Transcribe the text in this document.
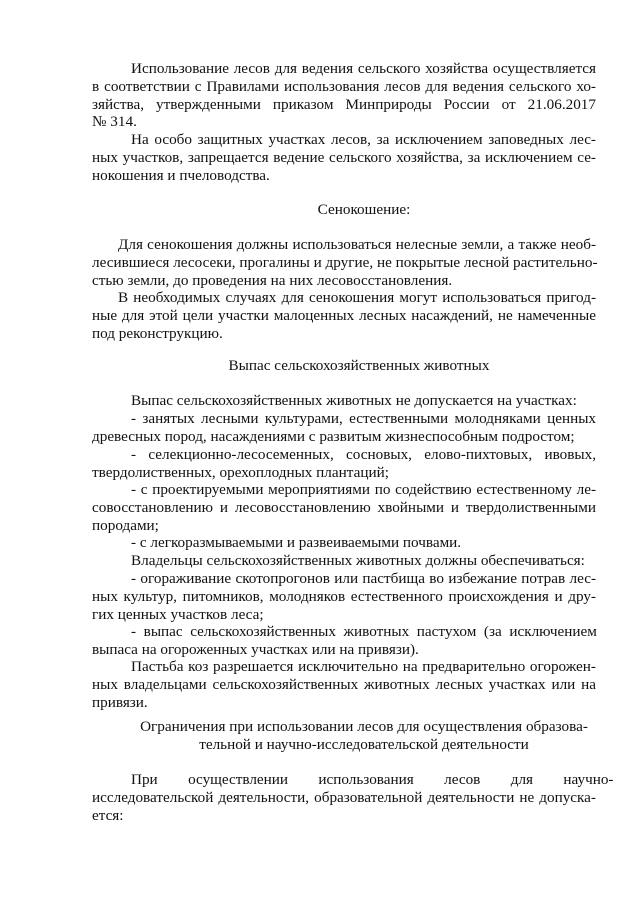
Использование лесов для ведения сельского хозяйства осуществляется
в соответствии с Правилами использования лесов для ведения сельского хо-
зяйства, утвержденными приказом Минприроды России от 21.06.2017
№ 314.
На особо защитных участках лесов, за исключением заповедных лес-
ных участков, запрещается ведение сельского хозяйства, за исключением се-
нокошения и пчеловодства.
Сенокошение:
Для сенокошения должны использоваться нелесные земли, а также необ-
лесившиеся лесосеки, прогалины и другие, не покрытые лесной растительно-
стью земли, до проведения на них лесовосстановления.
В необходимых случаях для сенокошения могут использоваться пригод-
ные для этой цели участки малоценных лесных насаждений, не намеченные
под реконструкцию.
Выпас сельскохозяйственных животных
Выпас сельскохозяйственных животных не допускается на участках:
- занятых лесными культурами, естественными молодняками ценных
древесных пород, насаждениями с развитым жизнеспособным подростом;
-  селекционно-лесосеменных,  сосновых,  елово-пихтовых,  ивовых,
твердолиственных, орехоплодных плантаций;
- с проектируемыми мероприятиями по содействию естественному ле-
совосстановлению и лесовосстановлению хвойными и твердолиственными
породами;
- с легкоразмываемыми и развеиваемыми почвами.
Владельцы сельскохозяйственных животных должны обеспечиваться:
- огораживание скотопрогонов или пастбища во избежание потрав лес-
ных культур, питомников, молодняков естественного происхождения и дру-
гих ценных участков леса;
-  выпас  сельскохозяйственных  животных  пастухом  (за  исключением
выпаса на огороженных участках или на привязи).
Пастьба коз разрешается исключительно на предварительно огорожен-
ных владельцами сельскохозяйственных животных лесных участках или на
привязи.
Ограничения при использовании лесов для осуществления образова-
тельной и научно-исследовательской деятельности
При        осуществлении        использования        лесов        для        научно-
исследовательской деятельности, образовательной деятельности не допуска-
ется:
